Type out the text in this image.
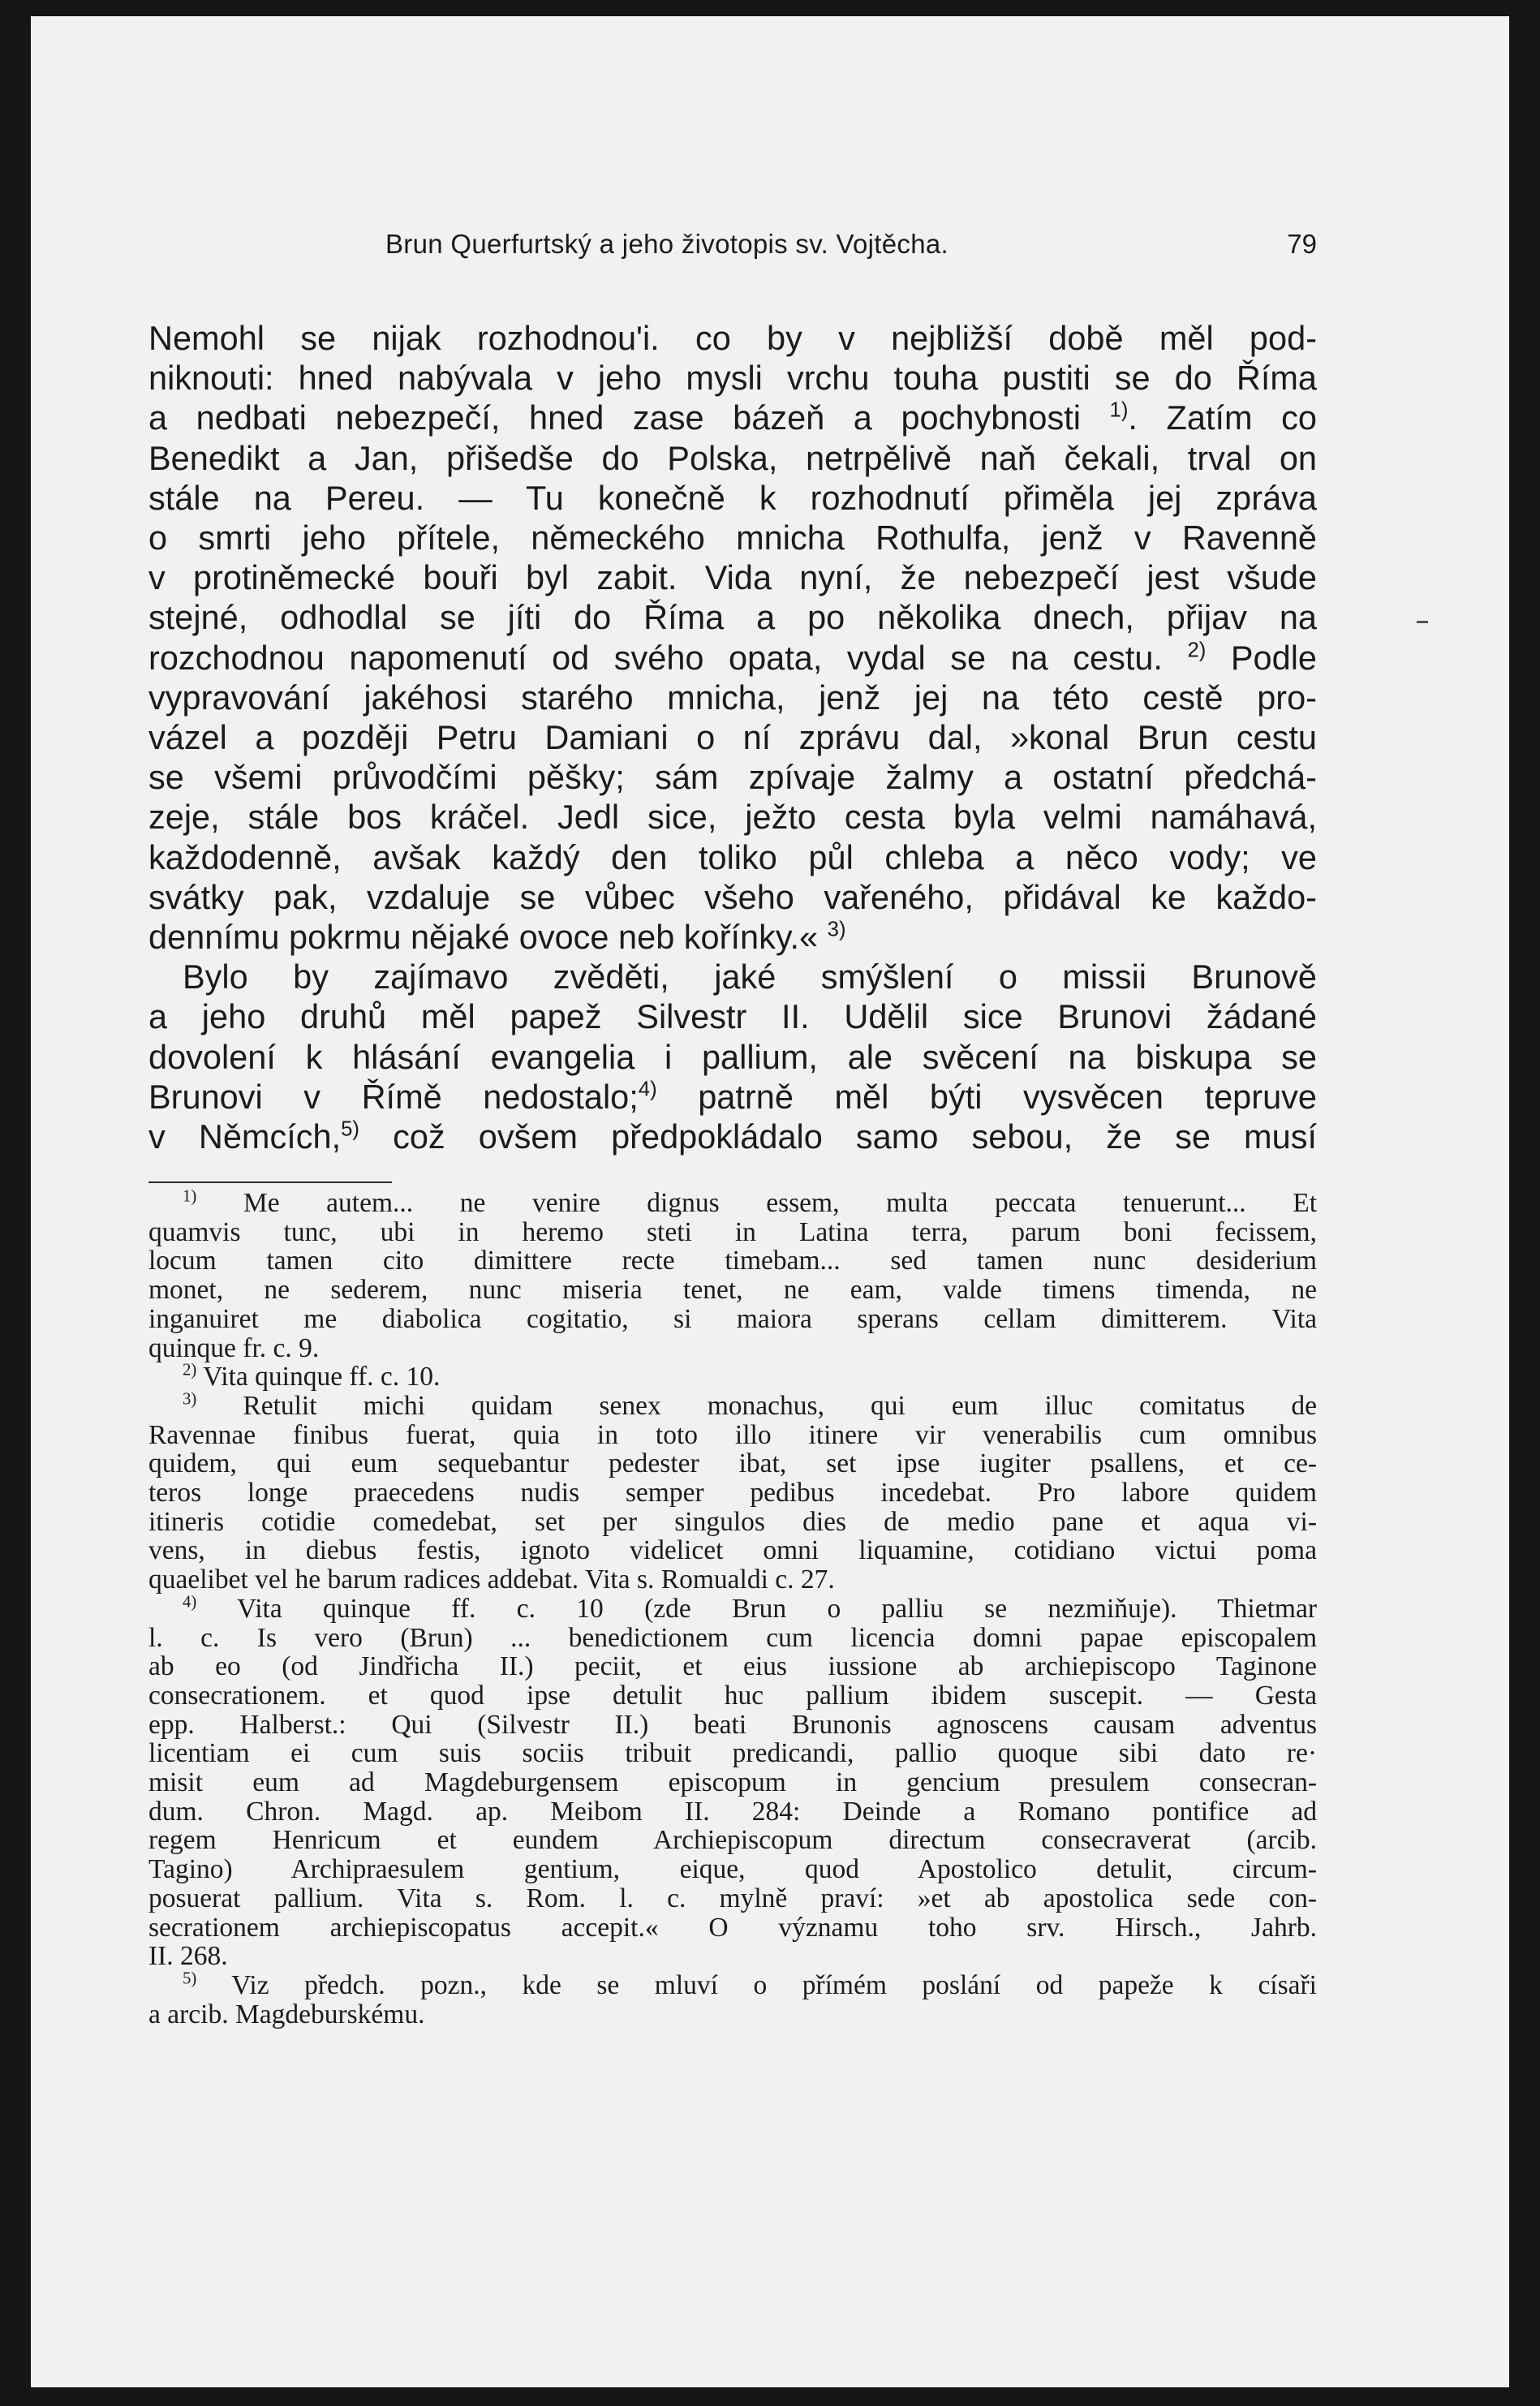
Brun Querfurtský a jeho životopis sv. Vojtěcha.	79

Nemohl se nijak rozhodnou'i. co by v nejbližší době měl pod-
niknouti: hned nabývala v jeho mysli vrchu touha pustiti se do Říma
a nedbati nebezpečí, hned zase bázeň a pochybnosti $^{1)}$. Zatím co
Benedikt a Jan, přišedše do Polska, netrpělivě naň čekali, trval on
stále na Pereu. — Tu konečně k rozhodnutí přiměla jej zpráva
o smrti jeho přítele, německého mnicha Rothulfa, jenž v Ravenně
v protiněmecké bouři byl zabit. Vida nyní, že nebezpečí jest všude
stejné, odhodlal se jíti do Říma a po několika dnech, přijav na
rozchodnou napomenutí od svého opata, vydal se na cestu. $^{2)}$ Podle
vypravování jakéhosi starého mnicha, jenž jej na této cestě pro-
vázel a později Petru Damiani o ní zprávu dal, »konal Brun cestu
se všemi průvodčími pěšky; sám zpívaje žalmy a ostatní předchá-
zeje, stále bos kráčel. Jedl sice, ježto cesta byla velmi namáhavá,
každodenně, avšak každý den toliko půl chleba a něco vody; ve
svátky pak, vzdaluje se vůbec všeho vařeného, přidával ke každo-
dennímu pokrmu nějaké ovoce neb kořínky.« $^{3)}$

Bylo by zajímavo zvěděti, jaké smýšlení o missii Brunově
a jeho druhů měl papež Silvestr II. Udělil sice Brunovi žádané
dovolení k hlásání evangelia i pallium, ale svěcení na biskupa se
Brunovi v Římě nedostalo;$^{4)}$ patrně měl býti vysvěcen tepruve
v Němcích,$^{5)}$ což ovšem předpokládalo samo sebou, že se musí

$^{1)}$ Me autem... ne venire dignus essem, multa peccata tenuerunt... Et
quamvis tunc, ubi in heremo steti in Latina terra, parum boni fecissem,
locum tamen cito dimittere recte timebam... sed tamen nunc desiderium
monet, ne sederem, nunc miseria tenet, ne eam, valde timens timenda, ne
inganuiret me diabolica cogitatio, si maiora sperans cellam dimitterem. Vita
quinque fr. c. 9.

$^{2)}$ Vita quinque ff. c. 10.

$^{3)}$ Retulit michi quidam senex monachus, qui eum illuc comitatus de
Ravennae finibus fuerat, quia in toto illo itinere vir venerabilis cum omnibus
quidem, qui eum sequebantur pedester ibat, set ipse iugiter psallens, et ce-
teros longe praecedens nudis semper pedibus incedebat. Pro labore quidem
itineris cotidie comedebat, set per singulos dies de medio pane et aqua vi-
vens, in diebus festis, ignoto videlicet omni liquamine, cotidiano victui poma
quaelibet vel he barum radices addebat. Vita s. Romualdi c. 27.

$^{4)}$ Vita quinque ff. c. 10 (zde Brun o palliu se nezmiňuje). Thietmar
l. c. Is vero (Brun) ... benedictionem cum licencia domni papae episcopalem
ab eo (od Jindřicha II.) peciit, et eius iussione ab archiepiscopo Taginone
consecrationem. et quod ipse detulit huc pallium ibidem suscepit. — Gesta
epp. Halberst.: Qui (Silvestr II.) beati Brunonis agnoscens causam adventus
licentiam ei cum suis sociis tribuit predicandi, pallio quoque sibi dato re·
misit eum ad Magdeburgensem episcopum in gencium presulem consecran-
dum. Chron. Magd. ap. Meibom II. 284: Deinde a Romano pontifice ad
regem Henricum et eundem Archiepiscopum directum consecraverat (arcib.
Tagino) Archipraesulem gentium, eique, quod Apostolico detulit, circum-
posuerat pallium. Vita s. Rom. l. c. mylně praví: »et ab apostolica sede con-
secrationem archiepiscopatus accepit.« O významu toho srv. Hirsch., Jahrb.
II. 268.

$^{5)}$ Viz předch. pozn., kde se mluví o přímém poslání od papeže k císaři
a arcib. Magdeburskému.
